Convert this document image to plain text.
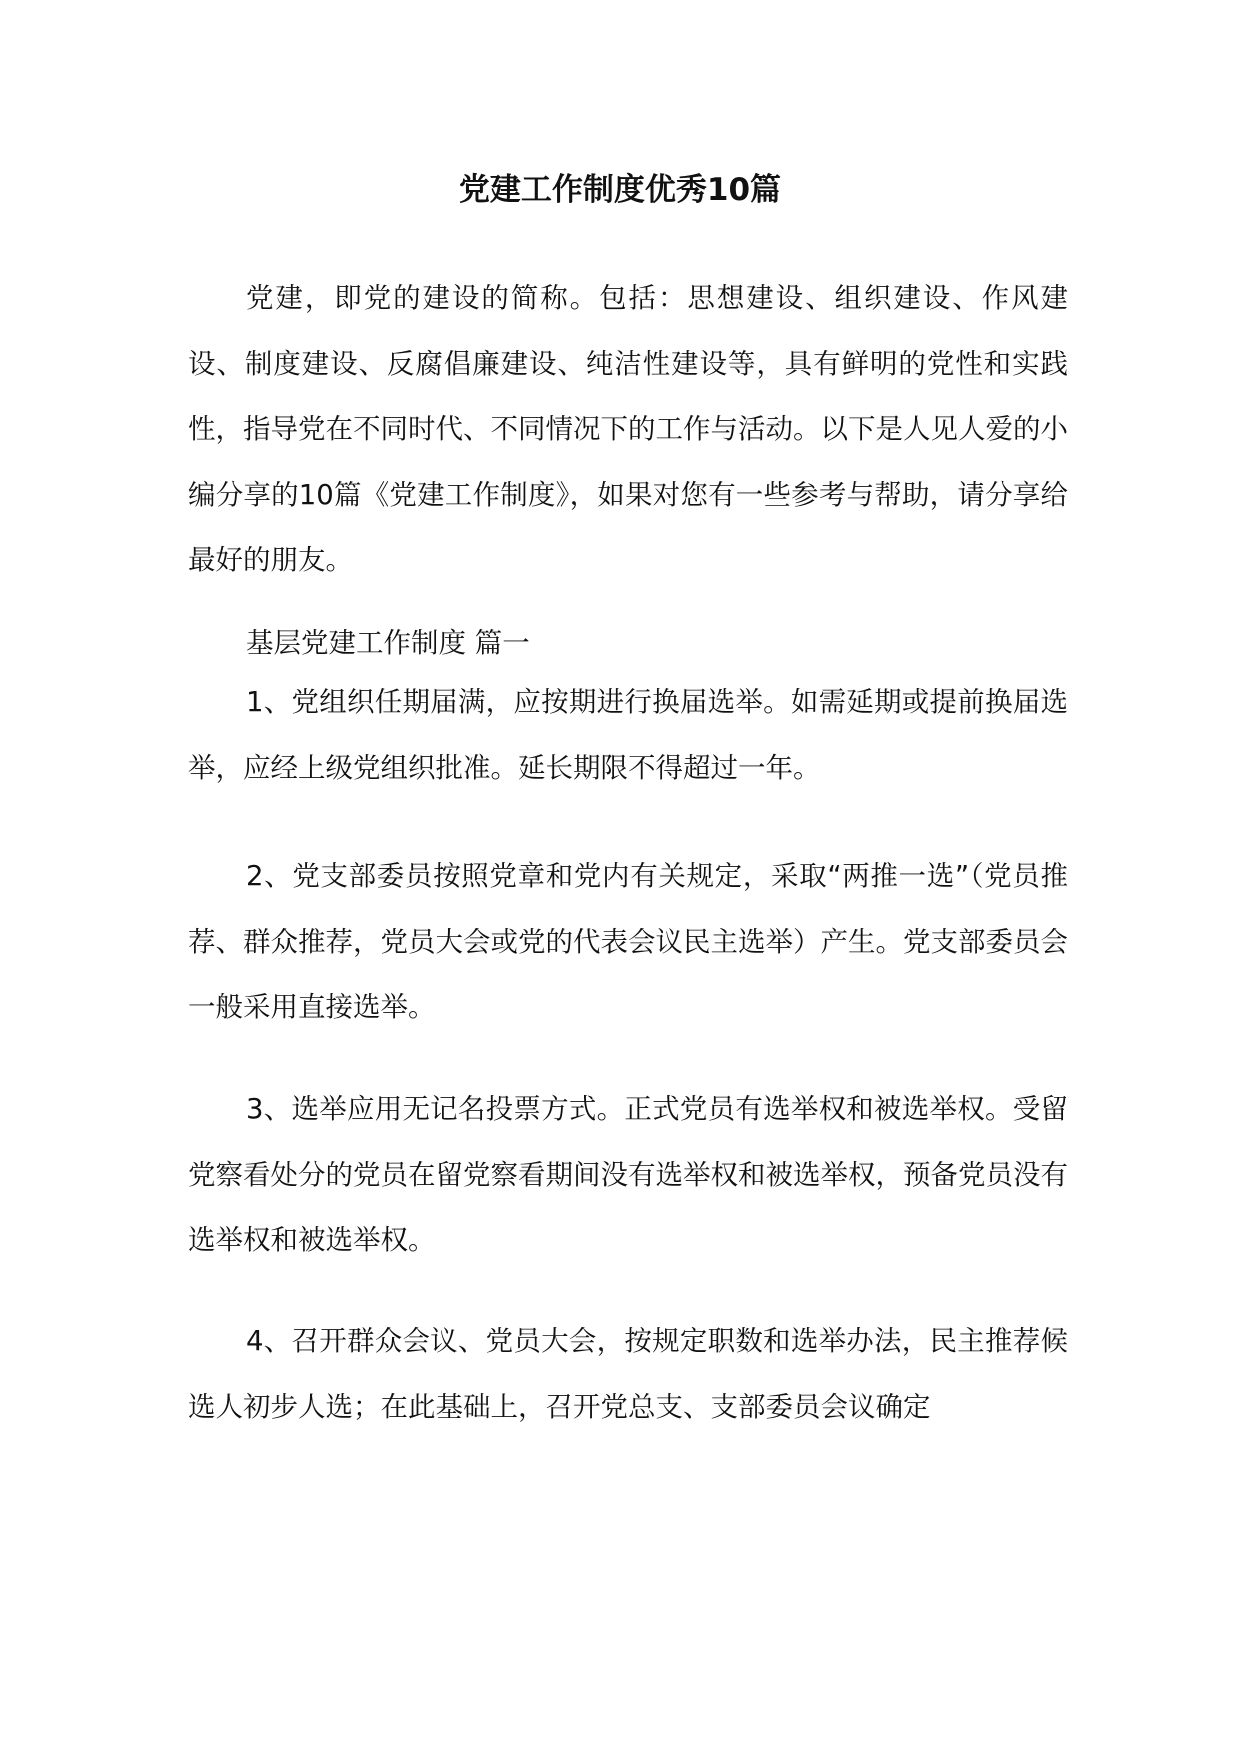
党建工作制度优秀10篇

党建，即党的建设的简称。包括：思想建设、组织建设、作风建设、制度建设、反腐倡廉建设、纯洁性建设等，具有鲜明的党性和实践性，指导党在不同时代、不同情况下的工作与活动。以下是人见人爱的小编分享的10篇《党建工作制度》，如果对您有一些参考与帮助，请分享给最好的朋友。

基层党建工作制度 篇一

1、党组织任期届满，应按期进行换届选举。如需延期或提前换届选举，应经上级党组织批准。延长期限不得超过一年。

2、党支部委员按照党章和党内有关规定，采取“两推一选”（党员推荐、群众推荐，党员大会或党的代表会议民主选举）产生。党支部委员会一般采用直接选举。

3、选举应用无记名投票方式。正式党员有选举权和被选举权。受留党察看处分的党员在留党察看期间没有选举权和被选举权，预备党员没有选举权和被选举权。

4、召开群众会议、党员大会，按规定职数和选举办法，民主推荐候选人初步人选；在此基础上，召开党总支、支部委员会议确定
